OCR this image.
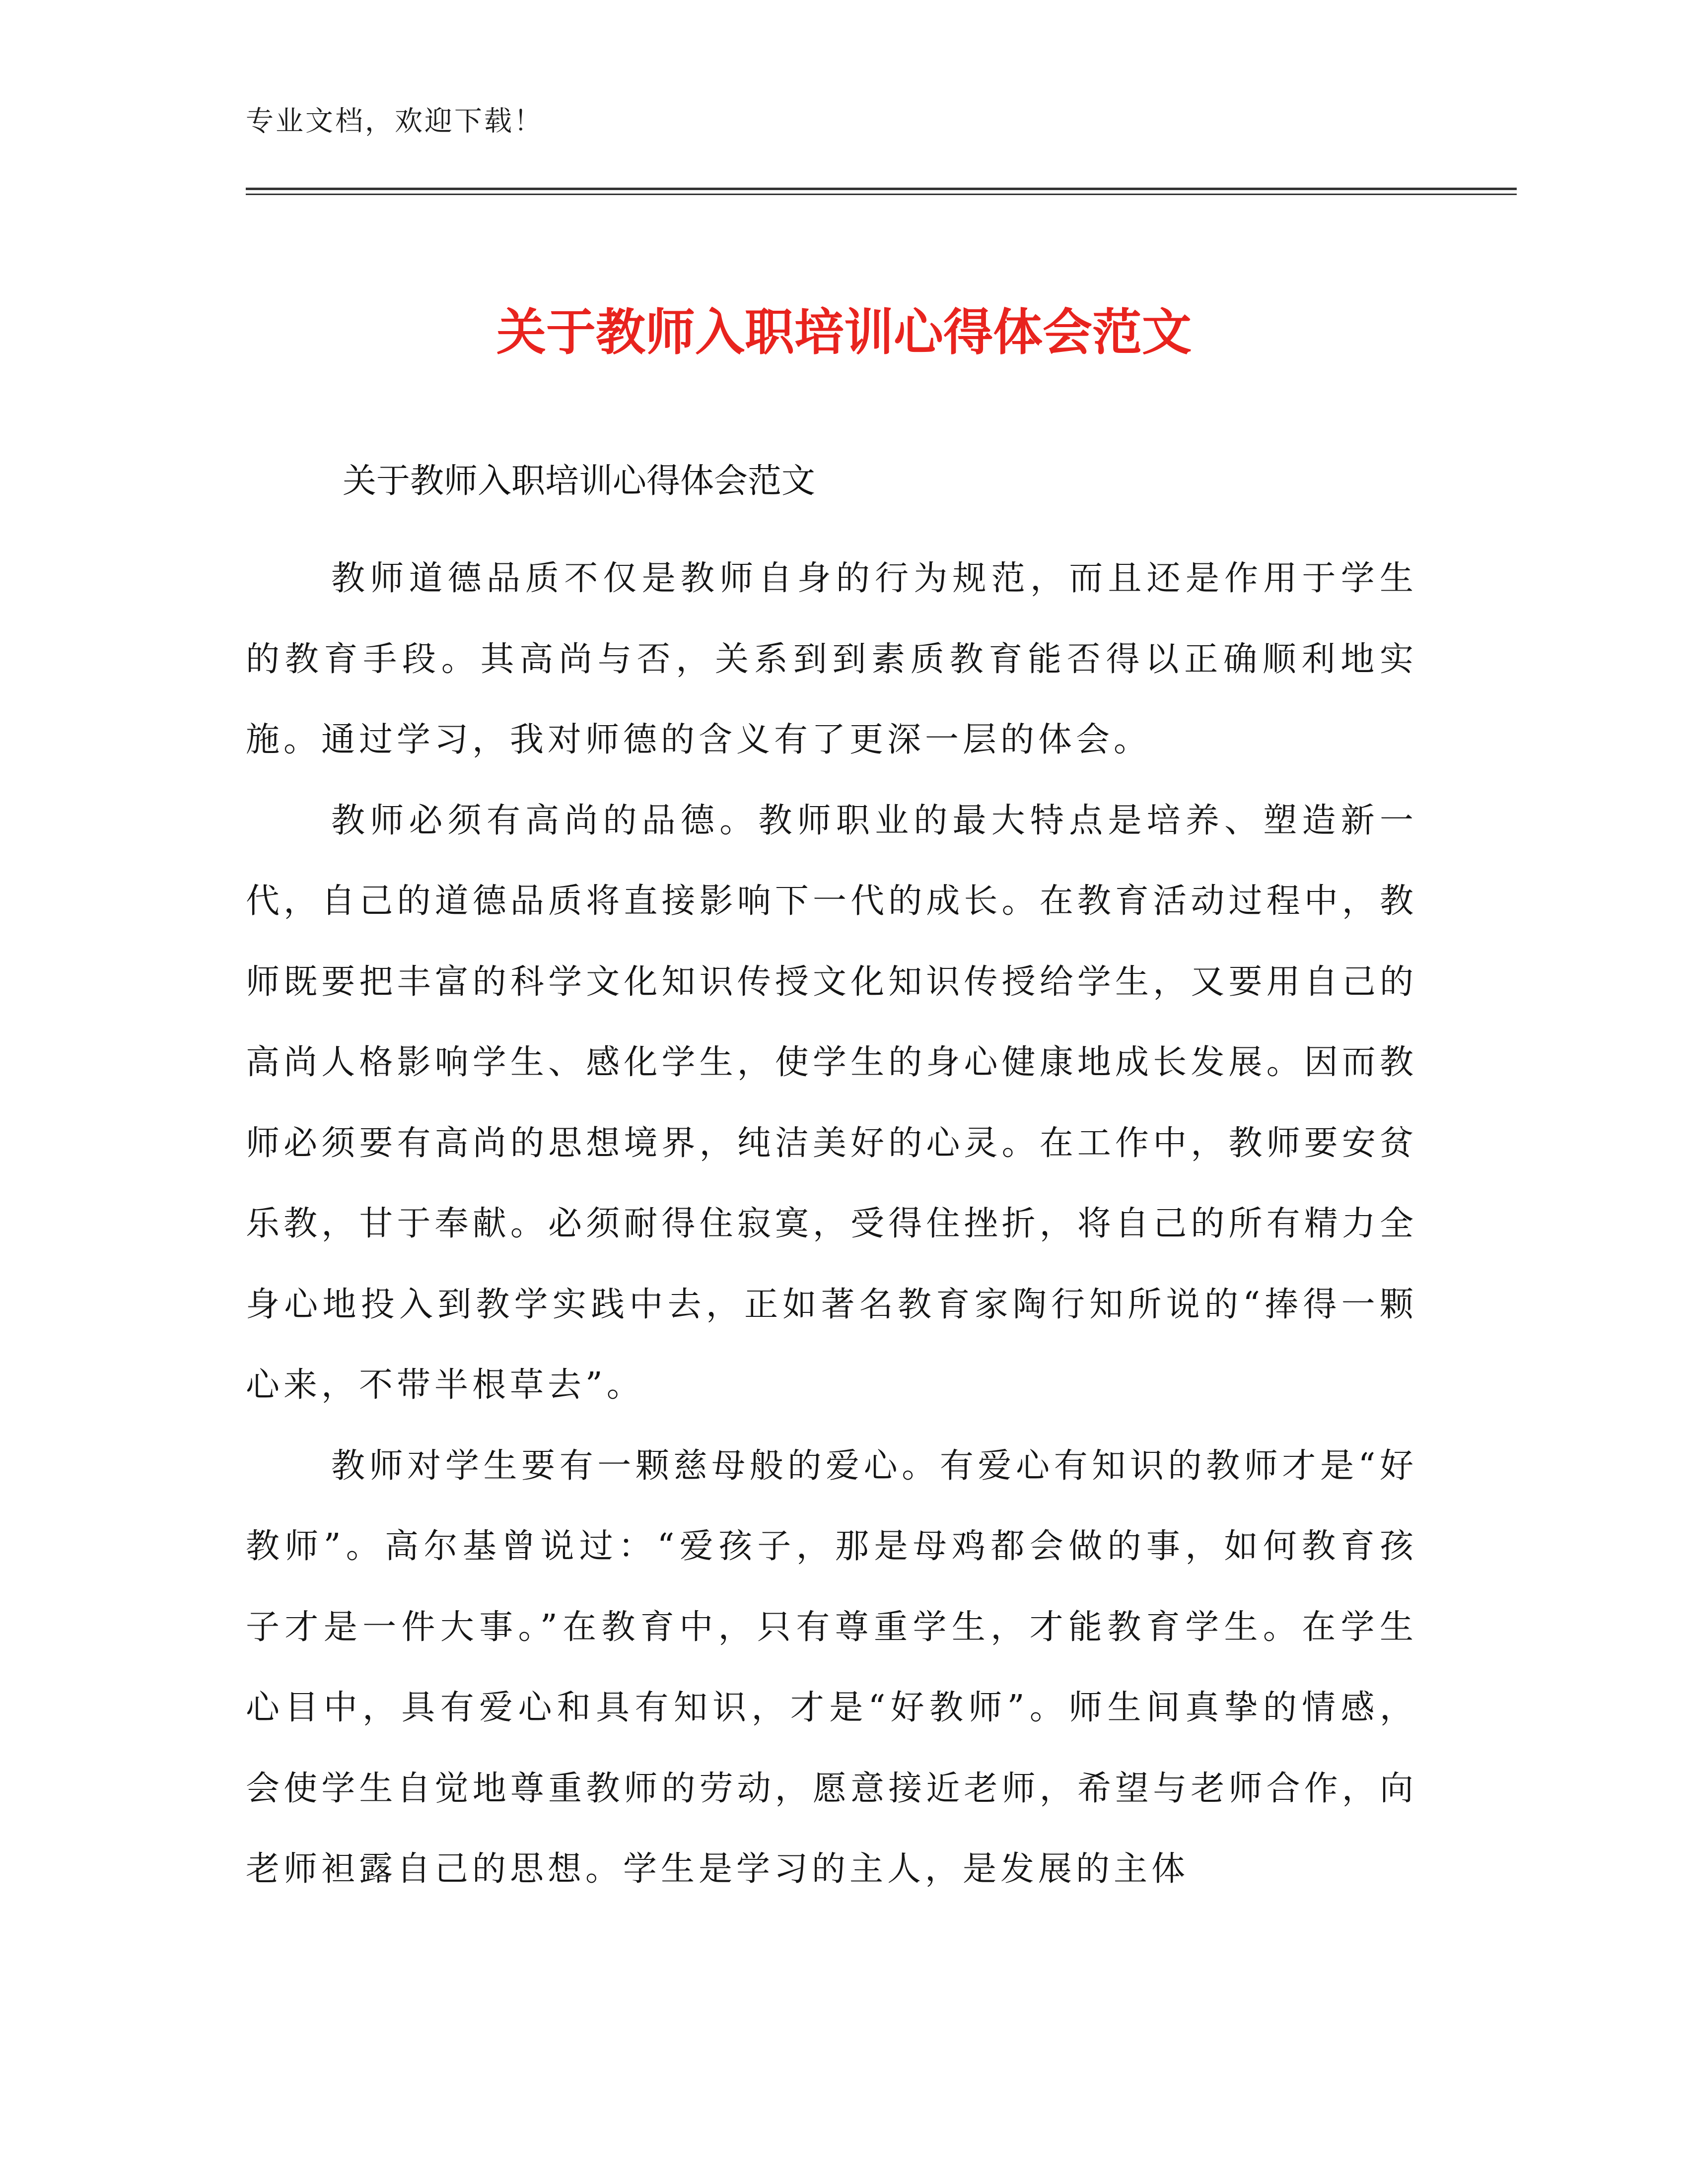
专业文档，欢迎下载！
关于教师入职培训心得体会范文
关于教师入职培训心得体会范文

教师道德品质不仅是教师自身的行为规范，而且还是作用于学生的教育手段。其高尚与否，关系到到素质教育能否得以正确顺利地实施。通过学习，我对师德的含义有了更深一层的体会。

教师必须有高尚的品德。教师职业的最大特点是培养、塑造新一代，自己的道德品质将直接影响下一代的成长。在教育活动过程中，教师既要把丰富的科学文化知识传授文化知识传授给学生，又要用自己的高尚人格影响学生、感化学生，使学生的身心健康地成长发展。因而教师必须要有高尚的思想境界，纯洁美好的心灵。在工作中，教师要安贫乐教，甘于奉献。必须耐得住寂寞，受得住挫折，将自己的所有精力全身心地投入到教学实践中去，正如著名教育家陶行知所说的“捧得一颗心来，不带半根草去”。

教师对学生要有一颗慈母般的爱心。有爱心有知识的教师才是“好教师”。高尔基曾说过：“爱孩子，那是母鸡都会做的事，如何教育孩子才是一件大事。”在教育中，只有尊重学生，才能教育学生。在学生心目中，具有爱心和具有知识，才是“好教师”。师生间真挚的情感，会使学生自觉地尊重教师的劳动，愿意接近老师，希望与老师合作，向老师袒露自己的思想。学生是学习的主人，是发展的主体
